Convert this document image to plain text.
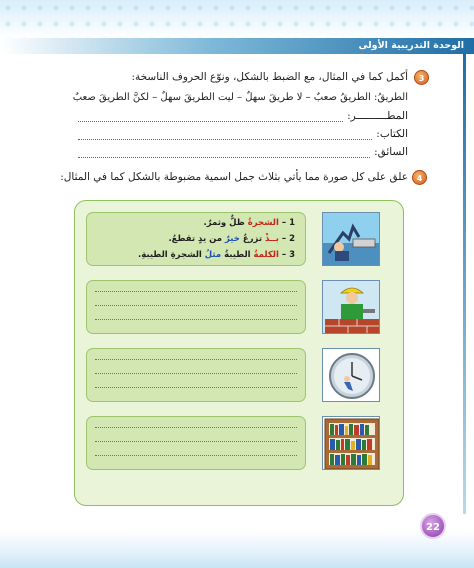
الوحدة التدريبية الأولى
3
أكمل كما في المثال، مع الضبط بالشكل، ونوّع الحروف الناسخة:
الطريقُ: الطريقُ صعبٌ – لا طريقَ سهلٌ – ليت الطريقَ سهلٌ – لكنَّ الطريقَ صعبٌ
المطــــــــــر:
الكتاب:
السائق:
4
علق على كل صورة مما يأتي بثلاث جمل اسمية مضبوطة بالشكل كما في المثال:
1 – الشجرةُ ظلٌّ وثمرٌ.
2 – بــذْ تزرعُ خيرٌ من يدٍ تقطعُ.
3 – الكلمةُ الطيبةُ مثلُ الشجرةِ الطيبةِ.
22
